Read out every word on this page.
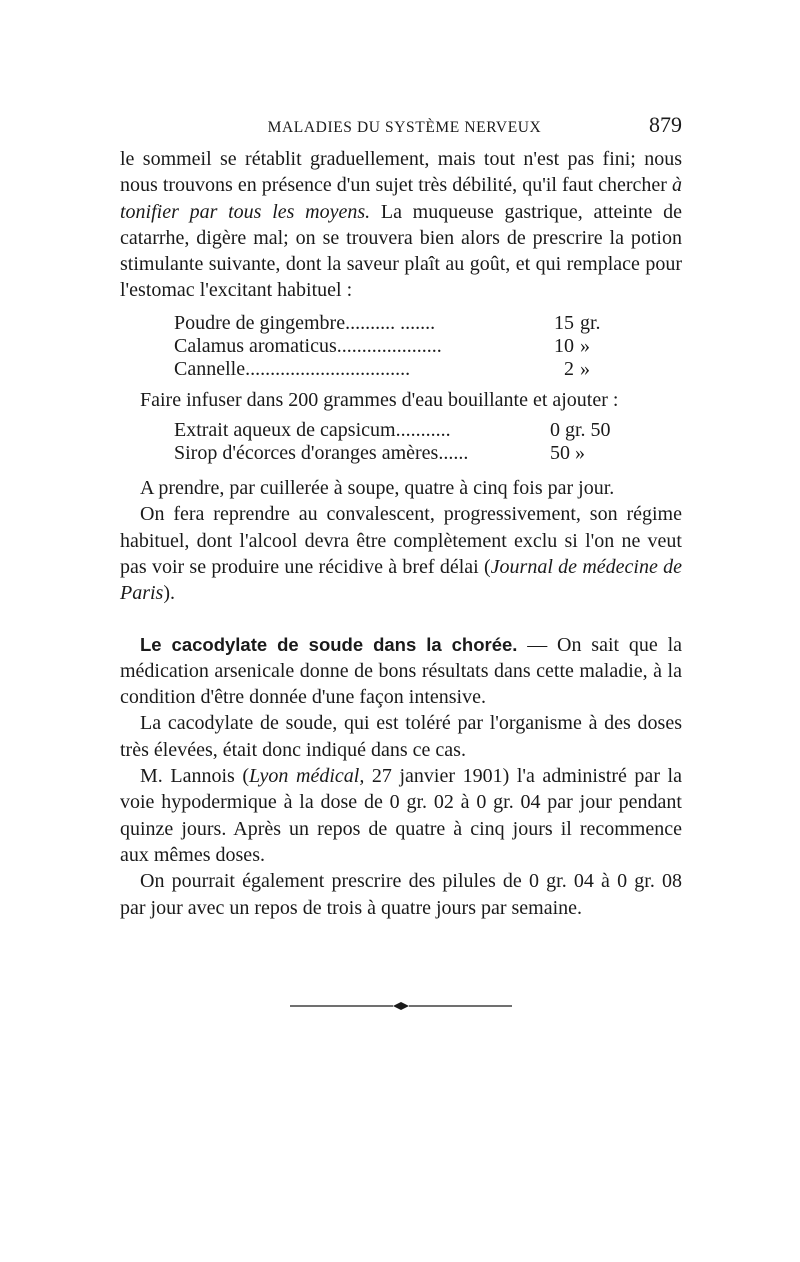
MALADIES DU SYSTÈME NERVEUX	879

le sommeil se rétablit graduellement, mais tout n'est pas fini; nous nous trouvons en présence d'un sujet très débilité, qu'il faut chercher à tonifier par tous les moyens. La muqueuse gastrique, atteinte de catarrhe, digère mal; on se trouvera bien alors de prescrire la potion stimulante suivante, dont la saveur plaît au goût, et qui remplace pour l'estomac l'excitant habituel :

Poudre de gingembre.......... .......	15	gr.
Calamus aromaticus.....................	10	»
Cannelle.................................	2	»

Faire infuser dans 200 grammes d'eau bouillante et ajouter :

Extrait aqueux de capsicum...........	0 gr. 50
Sirop d'écorces d'oranges amères......	50 »

A prendre, par cuillerée à soupe, quatre à cinq fois par jour.

On fera reprendre au convalescent, progressivement, son régime habituel, dont l'alcool devra être complètement exclu si l'on ne veut pas voir se produire une récidive à bref délai (Journal de médecine de Paris).

Le cacodylate de soude dans la chorée. — On sait que la médication arsenicale donne de bons résultats dans cette maladie, à la condition d'être donnée d'une façon intensive.

La cacodylate de soude, qui est toléré par l'organisme à des doses très élevées, était donc indiqué dans ce cas.

M. Lannois (Lyon médical, 27 janvier 1901) l'a administré par la voie hypodermique à la dose de 0 gr. 02 à 0 gr. 04 par jour pendant quinze jours. Après un repos de quatre à cinq jours il recommence aux mêmes doses.

On pourrait également prescrire des pilules de 0 gr. 04 à 0 gr. 08 par jour avec un repos de trois à quatre jours par semaine.
